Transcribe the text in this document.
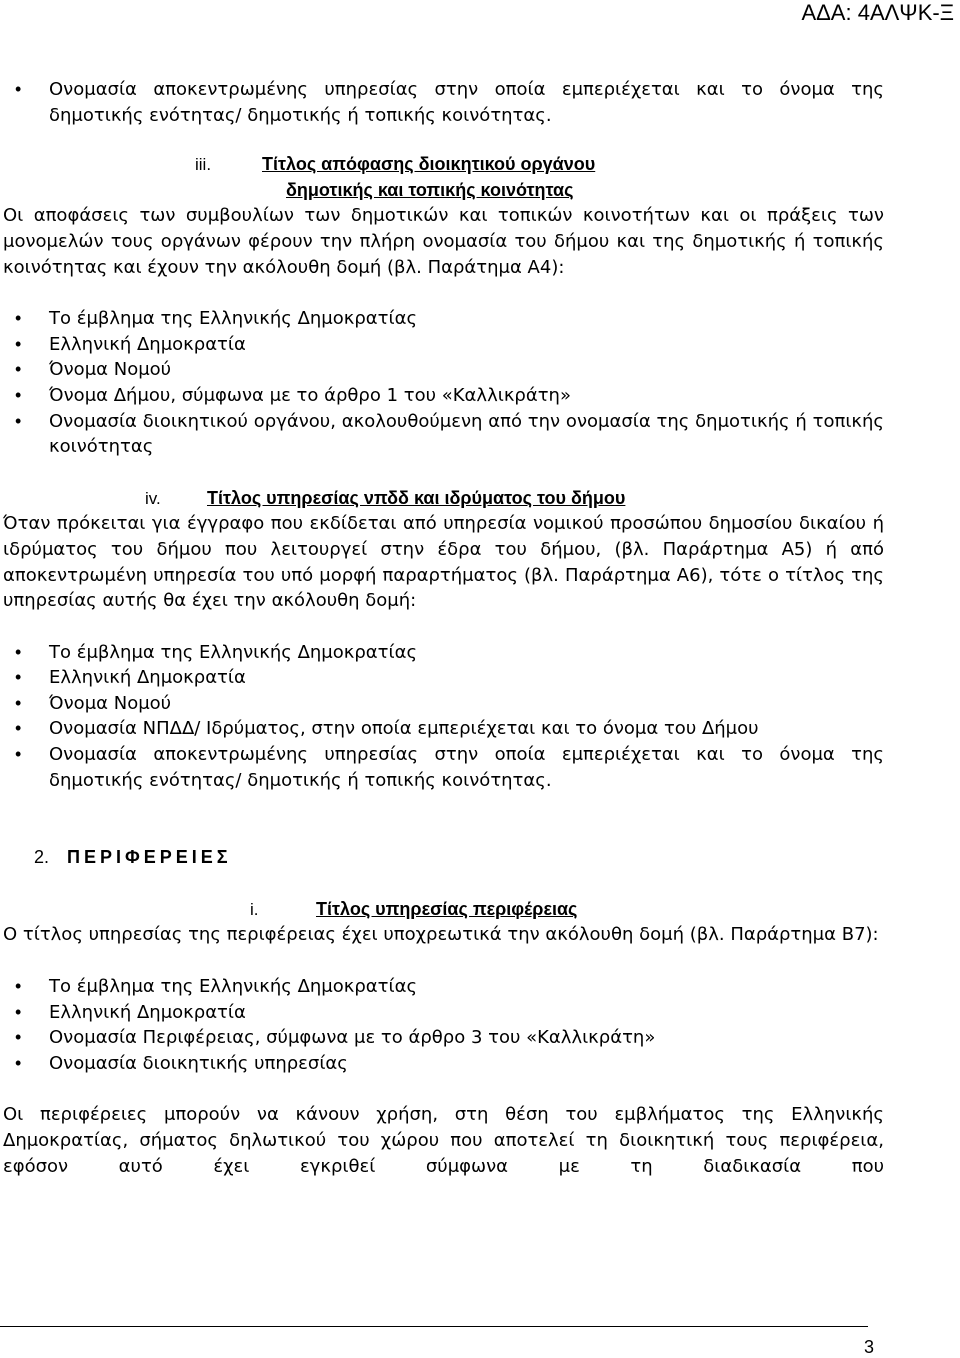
ΑΔΑ: 4ΑΛΨΚ-Ξ
• Ονομασία αποκεντρωμένης υπηρεσίας στην οποία εμπεριέχεται και το όνομα της δημοτικής ενότητας/ δημοτικής ή τοπικής κοινότητας.
iii.	Τίτλος απόφασης διοικητικού οργάνου
δημοτικής και τοπικής κοινότητας
Οι αποφάσεις των συμβουλίων των δημοτικών και τοπικών κοινοτήτων και οι πράξεις των μονομελών τους οργάνων φέρουν την πλήρη ονομασία του δήμου και της δημοτικής ή τοπικής κοινότητας και έχουν την ακόλουθη δομή (βλ. Παράτημα Α4):
• Το έμβλημα της Ελληνικής Δημοκρατίας
• Ελληνική Δημοκρατία
• Όνομα Νομού
• Όνομα Δήμου, σύμφωνα με το άρθρο 1 του «Καλλικράτη»
• Ονομασία διοικητικού οργάνου, ακολουθούμενη από την ονομασία της δημοτικής ή τοπικής κοινότητας
iv.	Τίτλος υπηρεσίας νπδδ και ιδρύματος του δήμου
Όταν πρόκειται για έγγραφο που εκδίδεται από υπηρεσία νομικού προσώπου δημοσίου δικαίου ή ιδρύματος του δήμου που λειτουργεί στην έδρα του δήμου, (βλ. Παράρτημα Α5) ή από αποκεντρωμένη υπηρεσία του υπό μορφή παραρτήματος (βλ. Παράρτημα Α6), τότε ο τίτλος της υπηρεσίας αυτής θα έχει την ακόλουθη δομή:
• Το έμβλημα της Ελληνικής Δημοκρατίας
• Ελληνική Δημοκρατία
• Όνομα Νομού
• Ονομασία ΝΠΔΔ/ Ιδρύματος, στην οποία εμπεριέχεται και το όνομα του Δήμου
• Ονομασία αποκεντρωμένης υπηρεσίας στην οποία εμπεριέχεται και το όνομα της δημοτικής ενότητας/ δημοτικής ή τοπικής κοινότητας.
2. ΠΕΡΙΦΕΡΕΙΕΣ
i.	Τίτλος υπηρεσίας περιφέρειας
Ο τίτλος υπηρεσίας της περιφέρειας έχει υποχρεωτικά την ακόλουθη δομή (βλ. Παράρτημα Β7):
• Το έμβλημα της Ελληνικής Δημοκρατίας
• Ελληνική Δημοκρατία
• Ονομασία Περιφέρειας, σύμφωνα με το άρθρο 3 του «Καλλικράτη»
• Ονομασία διοικητικής υπηρεσίας
Οι περιφέρειες μπορούν να κάνουν χρήση, στη θέση του εμβλήματος της Ελληνικής Δημοκρατίας, σήματος δηλωτικού του χώρου που αποτελεί τη διοικητική τους περιφέρεια, εφόσον αυτό έχει εγκριθεί σύμφωνα με τη διαδικασία που
3
